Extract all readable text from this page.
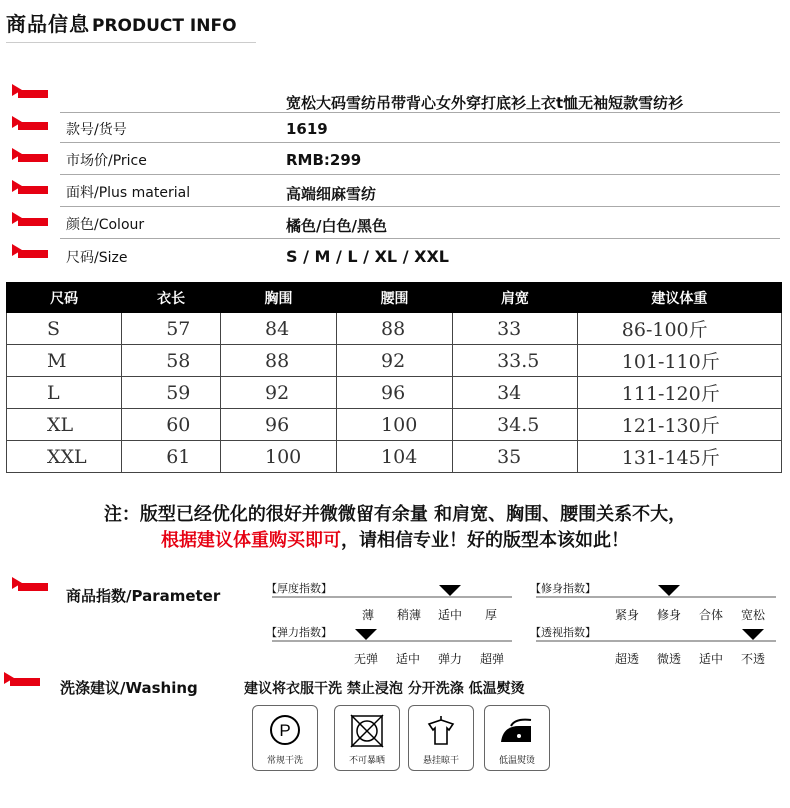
商品信息 PRODUCT INFO
宽松大码雪纺吊带背心女外穿打底衫上衣t恤无袖短款雪纺衫
款号/货号	1619
市场价/Price	RMB:299
面料/Plus material	高端细麻雪纺
颜色/Colour	橘色/白色/黑色
尺码/Size	S / M / L / XL / XXL
尺码	衣长	胸围	腰围	肩宽	建议体重
S	57	84	88	33	86-100斤
M	58	88	92	33.5	101-110斤
L	59	92	96	34	111-120斤
XL	60	96	100	34.5	121-130斤
XXL	61	100	104	35	131-145斤
注：版型已经优化的很好并微微留有余量 和肩宽、胸围、腰围关系不大，
根据建议体重购买即可，请相信专业！好的版型本该如此！
商品指数/Parameter	【厚度指数】
薄 稍薄 适中 厚
【修身指数】
紧身 修身 合体 宽松
【弹力指数】
无弹 适中 弹力 超弹
【透视指数】
超透 微透 适中 不透
洗涤建议/Washing	建议将衣服干洗 禁止浸泡 分开洗涤 低温熨烫
P
常规干洗	不可暴晒	悬挂晾干	低温熨烫
